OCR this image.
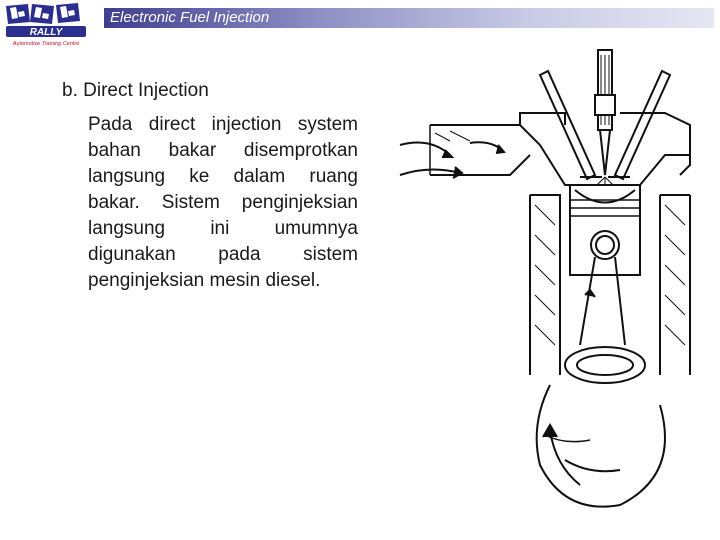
RALLY
Automotive Training Centre
Electronic Fuel Injection
b. Direct Injection

Pada direct injection system bahan bakar disemprotkan langsung ke dalam ruang bakar. Sistem penginjeksian langsung ini umumnya digunakan pada sistem penginjeksian mesin diesel.
